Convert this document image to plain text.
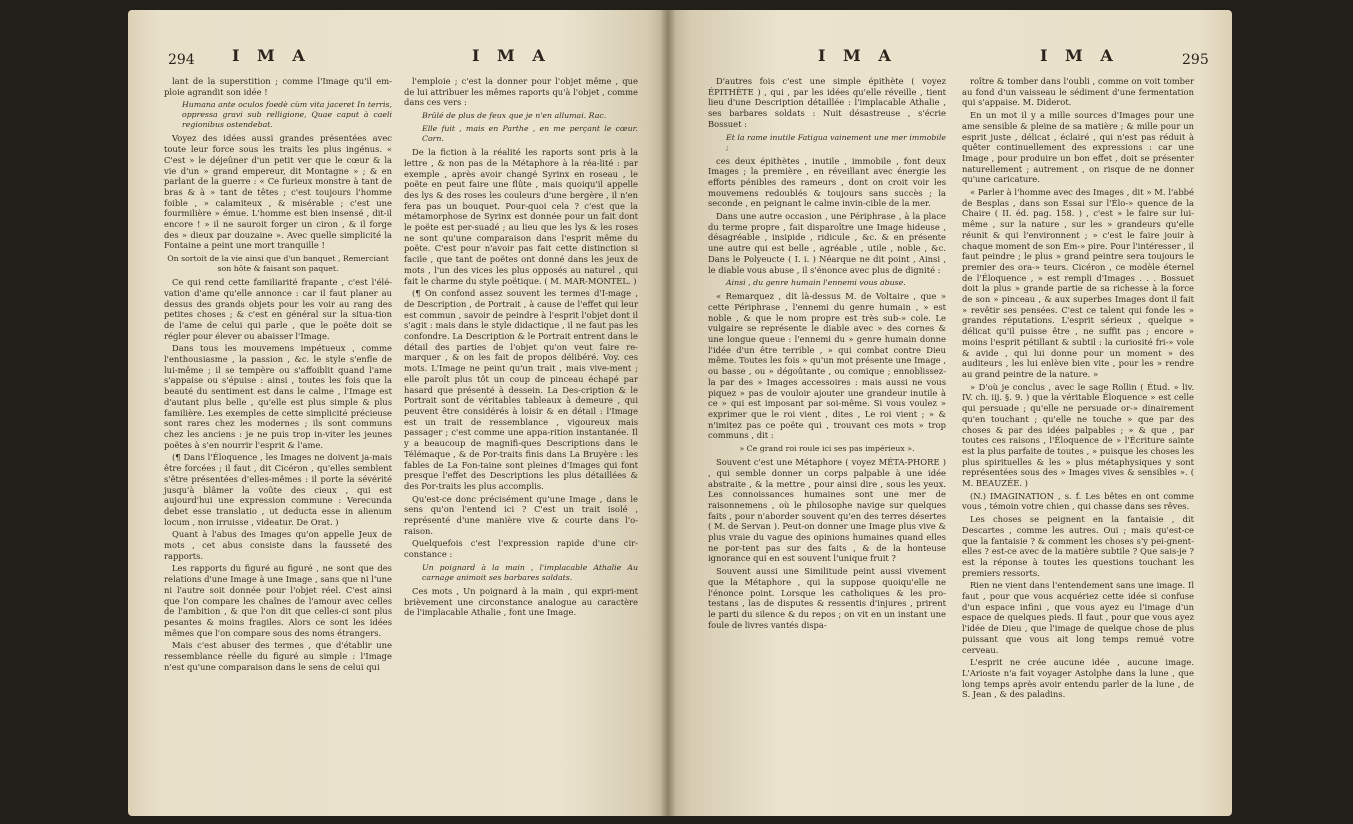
294 I M A	I M A

lant de la superstition ; comme l'Image qu'il em-ploie agrandit son idée !

Humana ante oculos foedè cùm vita jaceret In terris, oppressa gravi sub relligione, Quae caput à caeli regionibus ostendebat.

Voyez des idées aussi grandes présentées avec toute leur force sous les traits les plus ingénus. « C'est » le déjeûner d'un petit ver que le cœur & la vie d'un » grand empereur, dit Montagne » ; & en parlant de la guerre : « Ce furieux monstre à tant de bras & à » tant de têtes ; c'est toujours l'homme foible , » calamiteux , & misérable ; c'est une fourmilière » émue. L'homme est bien insensé , dit-il encore ! » il ne sauroit forger un ciron , & il forge des » dieux par douzaine ». Avec quelle simplicité la Fontaine a peint une mort tranquille !

On sortoit de la vie ainsi que d'un banquet , Remerciant son hôte & faisant son paquet.

Ce qui rend cette familiarité frapante , c'est l'élé-vation d'ame qu'elle annonce : car il faut planer au dessus des grands objets pour les voir au rang des petites choses ; & c'est en général sur la situa-tion de l'ame de celui qui parle , que le poëte doit se régler pour élever ou abaisser l'Image.

Dans tous les mouvemens impétueux , comme l'enthousiasme , la passion , &c. le style s'enfle de lui-même ; il se tempère ou s'affoiblit quand l'ame s'appaise ou s'épuise : ainsi , toutes les fois que la beauté du sentiment est dans le calme , l'Image est d'autant plus belle , qu'elle est plus simple & plus familière. Les exemples de cette simplicité précieuse sont rares chez les modernes ; ils sont communs chez les anciens : je ne puis trop in-viter les jeunes poëtes à s'en nourrir l'esprit & l'ame.

(¶ Dans l'Éloquence , les Images ne doivent ja-mais être forcées ; il faut , dit Cicéron , qu'elles semblent s'être présentées d'elles-mêmes : il porte la sévérité jusqu'à blâmer la voûte des cieux , qui est aujourd'hui une expression commune : Verecunda debet esse translatio , ut deducta esse in alienum locum , non irruisse , videatur. De Orat. )

Quant à l'abus des Images qu'on appelle Jeux de mots , cet abus consiste dans la fausseté des rapports.

Les rapports du figuré au figuré , ne sont que des relations d'une Image à une Image , sans que ni l'une ni l'autre soit donnée pour l'objet réel. C'est ainsi que l'on compare les chaînes de l'amour avec celles de l'ambition , & que l'on dit que celles-ci sont plus pesantes & moins fragiles. Alors ce sont les idées mêmes que l'on compare sous des noms étrangers.

Mais c'est abuser des termes , que d'établir une ressemblance réelle du figuré au simple : l'Image n'est qu'une comparaison dans le sens de celui qui

l'emploie ; c'est la donner pour l'objet même , que de lui attribuer les mêmes raports qu'à l'objet , comme dans ces vers :

Brûlé de plus de feux que je n'en allumai. Rac.
Elle fuit , mais en Parthe , en me perçant le cœur. Corn.

De la fiction à la réalité les raports sont pris à la lettre , & non pas de la Métaphore à la réa-lité : par exemple , après avoir changé Syrinx en roseau , le poëte en peut faire une flûte , mais quoiqu'il appelle des lys & des roses les couleurs d'une bergère , il n'en fera pas un bouquet. Pour-quoi cela ? c'est que la métamorphose de Syrinx est donnée pour un fait dont le poëte est per-suadé ; au lieu que les lys & les roses ne sont qu'une comparaison dans l'esprit même du poëte. C'est pour n'avoir pas fait cette distinction si facile , que tant de poëtes ont donné dans les jeux de mots , l'un des vices les plus opposés au naturel , qui fait le charme du style poëtique. ( M. MAR-MONTEL. )

(¶ On confond assez souvent les termes d'I-mage , de Description , de Portrait , à cause de l'effet qui leur est commun , savoir de peindre à l'esprit l'objet dont il s'agit : mais dans le style didactique , il ne faut pas les confondre. La Description & le Portrait entrent dans le détail des parties de l'objet qu'on veut faire re-marquer , & on les fait de propos délibéré. Voy. ces mots. L'Image ne peint qu'un trait , mais vive-ment ; elle paroît plus tôt un coup de pinceau échapé par hasard que présenté à dessein. La Des-cription & le Portrait sont de véritables tableaux à demeure , qui peuvent être considérés à loisir & en détail : l'Image est un trait de ressemblance , vigoureux mais passager ; c'est comme une appa-rition instantanée. Il y a beaucoup de magnifi-ques Descriptions dans le Télémaque , & de Por-traits finis dans La Bruyère : les fables de La Fon-taine sont pleines d'Images qui font presque l'effet des Descriptions les plus détaillées & des Por-traits les plus accomplis.

Qu'est-ce donc précisément qu'une Image , dans le sens qu'on l'entend ici ? C'est un trait isolé , représenté d'une manière vive & courte dans l'o-raison.

Quelquefois c'est l'expression rapide d'une cir-constance :

Un poignard à la main , l'implacable Athalie Au carnage animoit ses barbares soldats.

Ces mots , Un poignard à la main , qui expri-ment brièvement une circonstance analogue au caractère de l'implacable Athalie , font une Image.

I M A	I M A	295

D'autres fois c'est une simple épithète ( voyez ÉPITHÈTE ) , qui , par les idées qu'elle réveille , tient lieu d'une Description détaillée : l'implacable Athalie , ses barbares soldats : Nuit désastreuse , s'écrie Bossuet :

Et la rame inutile Fatigua vainement une mer immobile ;

ces deux épithètes , inutile , immobile , font deux Images ; la première , en réveillant avec énergie les efforts pénibles des rameurs , dont on croit voir les mouvemens redoublés & toujours sans succès ; la seconde , en peignant le calme invin-cible de la mer.

Dans une autre occasion , une Périphrase , à la place du terme propre , fait disparoître une Image hideuse , désagréable , insipide , ridicule , &c. & en présente une autre qui est belle , agréable , utile , noble , &c. Dans le Polyeucte ( I. i. ) Néarque ne dit point , Ainsi , le diable vous abuse , il s'énonce avec plus de dignité :

Ainsi , du genre humain l'ennemi vous abuse.

« Remarquez , dit là-dessus M. de Voltaire , que » cette Périphrase , l'ennemi du genre humain , » est noble , & que le nom propre est très sub-» cole. Le vulgaire se représente le diable avec » des cornes & une longue queue : l'ennemi du » genre humain donne l'idée d'un être terrible , » qui combat contre Dieu même. Toutes les fois » qu'un mot présente une Image , ou basse , ou » dégoûtante , ou comique ; ennoblissez-la par des » Images accessoires : mais aussi ne vous piquez » pas de vouloir ajouter une grandeur inutile à ce » qui est imposant par soi-même. Si vous voulez » exprimer que le roi vient , dites , Le roi vient ; » & n'imitez pas ce poëte qui , trouvant ces mots » trop communs , dit :

» Ce grand roi roule ici ses pas impérieux ».

Souvent c'est une Métaphore ( voyez MÉTA-PHORE ) , qui semble donner un corps palpable à une idée abstraite , & la mettre , pour ainsi dire , sous les yeux. Les connoissances humaines sont une mer de raisonnemens , où le philosophe navige sur quelques faits , pour n'aborder souvent qu'en des terres désertes ( M. de Servan ). Peut-on donner une Image plus vive & plus vraie du vague des opinions humaines quand elles ne por-tent pas sur des faits , & de la honteuse ignorance qui en est souvent l'unique fruit ?

Souvent aussi une Similitude peint aussi vivement que la Métaphore , qui la suppose quoiqu'elle ne l'énonce point. Lorsque les catholiques & les pro-testans , las de disputes & ressentis d'injures , prirent le parti du silence & du repos ; on vit en un instant une foule de livres vantés dispa-

roître & tomber dans l'oubli , comme on voit tomber au fond d'un vaisseau le sédiment d'une fermentation qui s'appaise. M. Diderot.

En un mot il y a mille sources d'Images pour une ame sensible & pleine de sa matière ; & mille pour un esprit juste , délicat , éclairé , qui n'est pas réduit à quêter continuellement des expressions : car une Image , pour produire un bon effet , doit se présenter naturellement ; autrement , on risque de ne donner qu'une caricature.

« Parler à l'homme avec des Images , dit » M. l'abbé de Besplas , dans son Essai sur l'Élo-» quence de la Chaire ( II. éd. pag. 158. ) , c'est » le faire sur lui-même , sur la nature , sur les » grandeurs qu'elle réunit & qui l'environnent ; » c'est le faire jouir à chaque moment de son Em-» pire. Pour l'intéresser , il faut peindre ; le plus » grand peintre sera toujours le premier des ora-» teurs. Cicéron , ce modèle éternel de l'Éloquence , » est rempli d'Images . . . Bossuet doit la plus » grande partie de sa richesse à la force de son » pinceau , & aux superbes Images dont il fait » revêtir ses pensées. C'est ce talent qui fonde les » grandes réputations. L'esprit sérieux , quelque » délicat qu'il puisse être , ne suffit pas ; encore » moins l'esprit pétillant & subtil : la curiosité fri-» vole & avide , qui lui donne pour un moment » des auditeurs , les lui enlève bien vite , pour les » rendre au grand peintre de la nature. »

» D'où je conclus , avec le sage Rollin ( Étud. » liv. IV. ch. iij. §. 9. ) que la véritable Éloquence » est celle qui persuade ; qu'elle ne persuade or-» dinairement qu'en touchant ; qu'elle ne touche » que par des choses & par des idées palpables ; » & que , par toutes ces raisons , l'Éloquence de » l'Écriture sainte est la plus parfaite de toutes , » puisque les choses les plus spirituelles & les » plus métaphysiques y sont représentées sous des » Images vives & sensibles ». ( M. BEAUZÉE. )

(N.) IMAGINATION , s. f. Les bêtes en ont comme vous , témoin votre chien , qui chasse dans ses rêves.

Les choses se peignent en la fantaisie , dit Descartes , comme les autres. Oui ; mais qu'est-ce que la fantaisie ? & comment les choses s'y pei-gnent-elles ? est-ce avec de la matière subtile ? Que sais-je ? est la réponse à toutes les questions touchant les premiers ressorts.

Rien ne vient dans l'entendement sans une image. Il faut , pour que vous acquériez cette idée si confuse d'un espace infini , que vous ayez eu l'image d'un espace de quelques pieds. Il faut , pour que vous ayez l'idée de Dieu , que l'image de quelque chose de plus puissant que vous ait long temps remué votre cerveau.

L'esprit ne crée aucune idée , aucune image. L'Arioste n'a fait voyager Astolphe dans la lune , que long temps après avoir entendu parler de la lune , de S. Jean , & des paladins.
